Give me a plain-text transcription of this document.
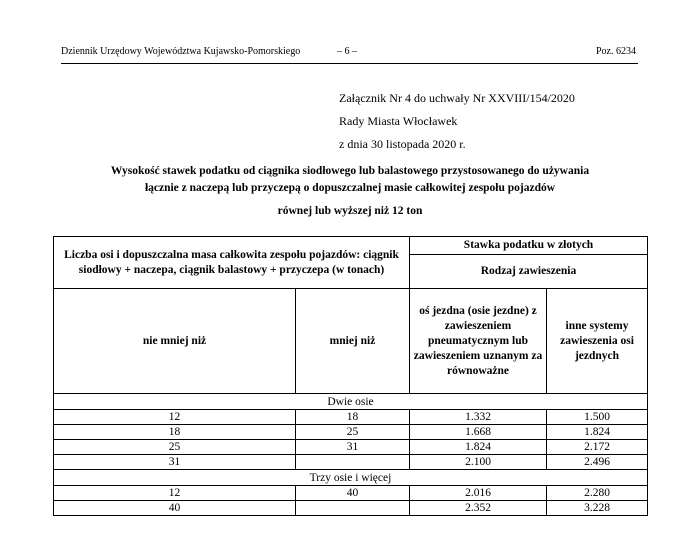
Dziennik Urzędowy Województwa Kujawsko-Pomorskiego	– 6 –	Poz. 6234
Załącznik Nr 4 do uchwały Nr XXVIII/154/2020
Rady Miasta Włocławek
z dnia 30 listopada 2020 r.
Wysokość stawek podatku od ciągnika siodłowego lub balastowego przystosowanego do używania
łącznie z naczepą lub przyczepą o dopuszczalnej masie całkowitej zespołu pojazdów
równej lub wyższej niż 12 ton
Liczba osi i dopuszczalna masa całkowita zespołu pojazdów: ciągnik siodłowy + naczepa, ciągnik balastowy + przyczepa (w tonach)		Stawka podatku w złotych	
		Rodzaj zawieszenia	
nie mniej niż	mniej niż	oś jezdna (osie jezdne) z zawieszeniem pneumatycznym lub zawieszeniem uznanym za równoważne	inne systemy zawieszenia osi jezdnych
Dwie osie			
12	18	1.332	1.500
18	25	1.668	1.824
25	31	1.824	2.172
31		2.100	2.496
Trzy osie i więcej			
12	40	2.016	2.280
40		2.352	3.228
